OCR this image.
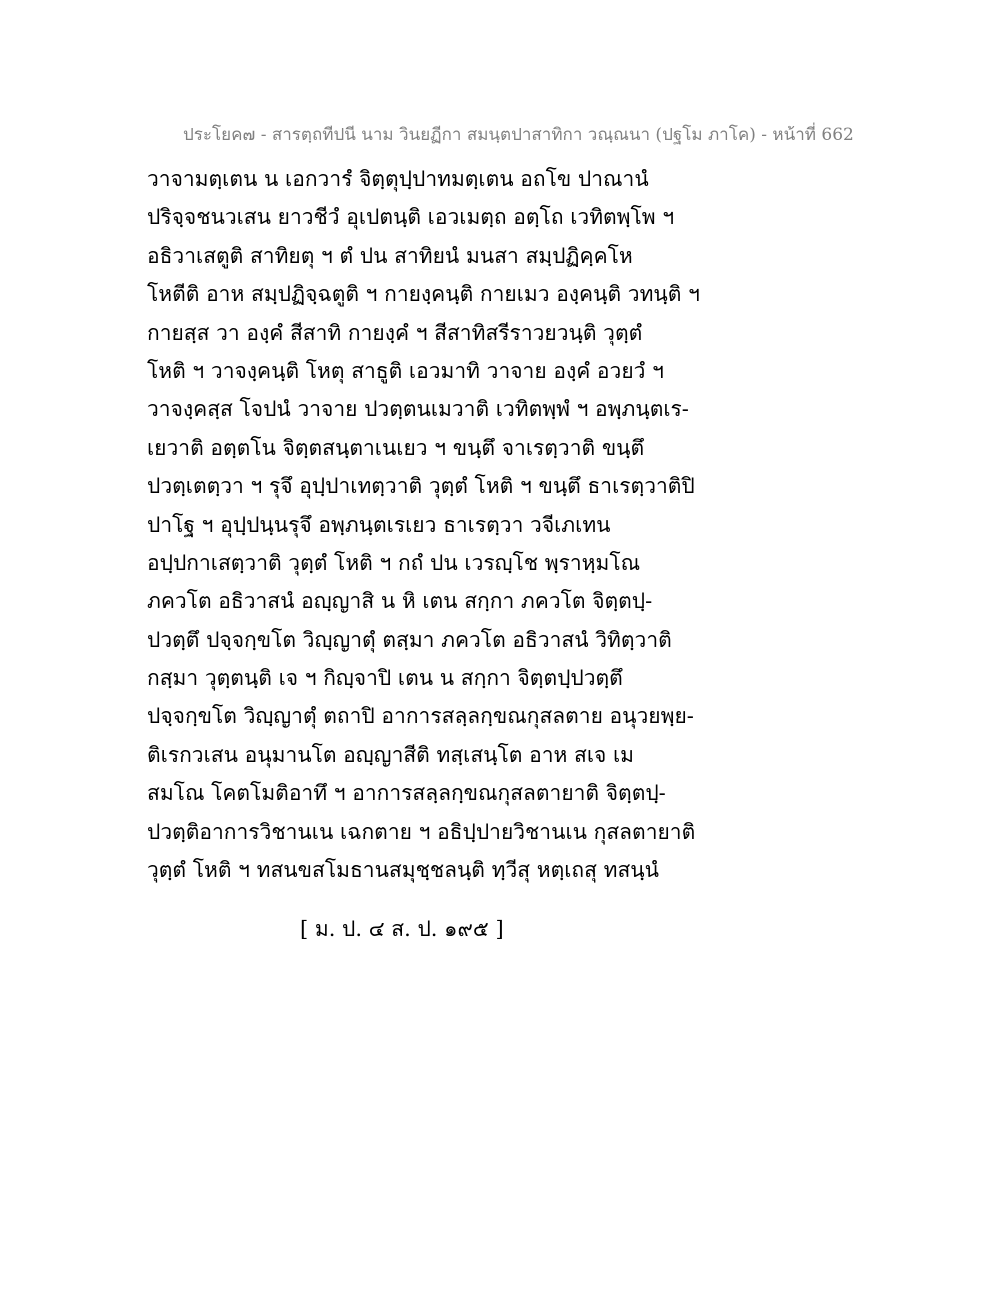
ประโยค๗ - สารตฺถทีปนี นาม วินยฏีกา สมนฺตปาสาทิกา วณฺณนา (ปฐโม ภาโค) - หน้าที่ 662
วาจามตฺเตน น เอกวารํ จิตฺตุปฺปาทมตฺเตน อถโข ปาณานํ
ปริจฺจชนวเสน ยาวชีวํ อุเปตนฺติ เอวเมตฺถ อตฺโถ เวทิตพฺโพ ฯ
อธิวาเสตูติ สาทิยตุ ฯ ตํ ปน สาทิยนํ มนสา สมฺปฏิคฺคโห
โหตีติ อาห สมฺปฏิจฺฉตูติ ฯ กายงฺคนฺติ กายเมว องฺคนฺติ วทนฺติ ฯ
กายสฺส วา องฺคํ สีสาทิ กายงฺคํ ฯ สีสาทิสรีราวยวนฺติ วุตฺตํ
โหติ ฯ วาจงฺคนฺติ โหตุ สาธูติ เอวมาทิ วาจาย องฺคํ อวยวํ ฯ
วาจงฺคสฺส โจปนํ วาจาย ปวตฺตนเมวาติ เวทิตพฺพํ ฯ อพฺภนฺตเร-
เยวาติ อตฺตโน จิตฺตสนฺตาเนเยว ฯ ขนฺตึ จาเรตฺวาติ ขนฺตึ
ปวตฺเตตฺวา ฯ รุจึ อุปฺปาเทตฺวาติ วุตฺตํ โหติ ฯ ขนฺตึ ธาเรตฺวาติปิ
ปาโฐ ฯ อุปฺปนฺนรุจึ อพฺภนฺตเรเยว ธาเรตฺวา วจีเภเทน
อปฺปกาเสตฺวาติ วุตฺตํ โหติ ฯ กถํ ปน เวรญฺโช พฺราหฺมโณ
ภควโต อธิวาสนํ อญฺญาสิ น หิ เตน สกฺกา ภควโต จิตฺตปฺ-
ปวตฺตึ ปจฺจกฺขโต วิญฺญาตุํ ตสฺมา ภควโต อธิวาสนํ วิทิตฺวาติ
กสฺมา วุตฺตนฺติ เจ ฯ กิญฺจาปิ เตน น สกฺกา จิตฺตปฺปวตฺตึ
ปจฺจกฺขโต วิญฺญาตุํ ตถาปิ อาการสลฺลกฺขณกุสลตาย อนุวยพฺย-
ติเรกวเสน อนุมานโต อญฺญาสีติ ทสฺเสนฺโต อาห สเจ เม
สมโณ โคตโมติอาทึ ฯ อาการสลฺลกฺขณกุสลตายาติ จิตฺตปฺ-
ปวตฺติอาการวิชานเน เฉกตาย ฯ อธิปฺปายวิชานเน กุสลตายาติ
วุตฺตํ โหติ ฯ ทสนขสโมธานสมุชฺชลนฺติ ทฺวีสุ หตฺเถสุ ทสนฺนํ
[ ม. ป. ๔ ส. ป. ๑๙๕ ]
